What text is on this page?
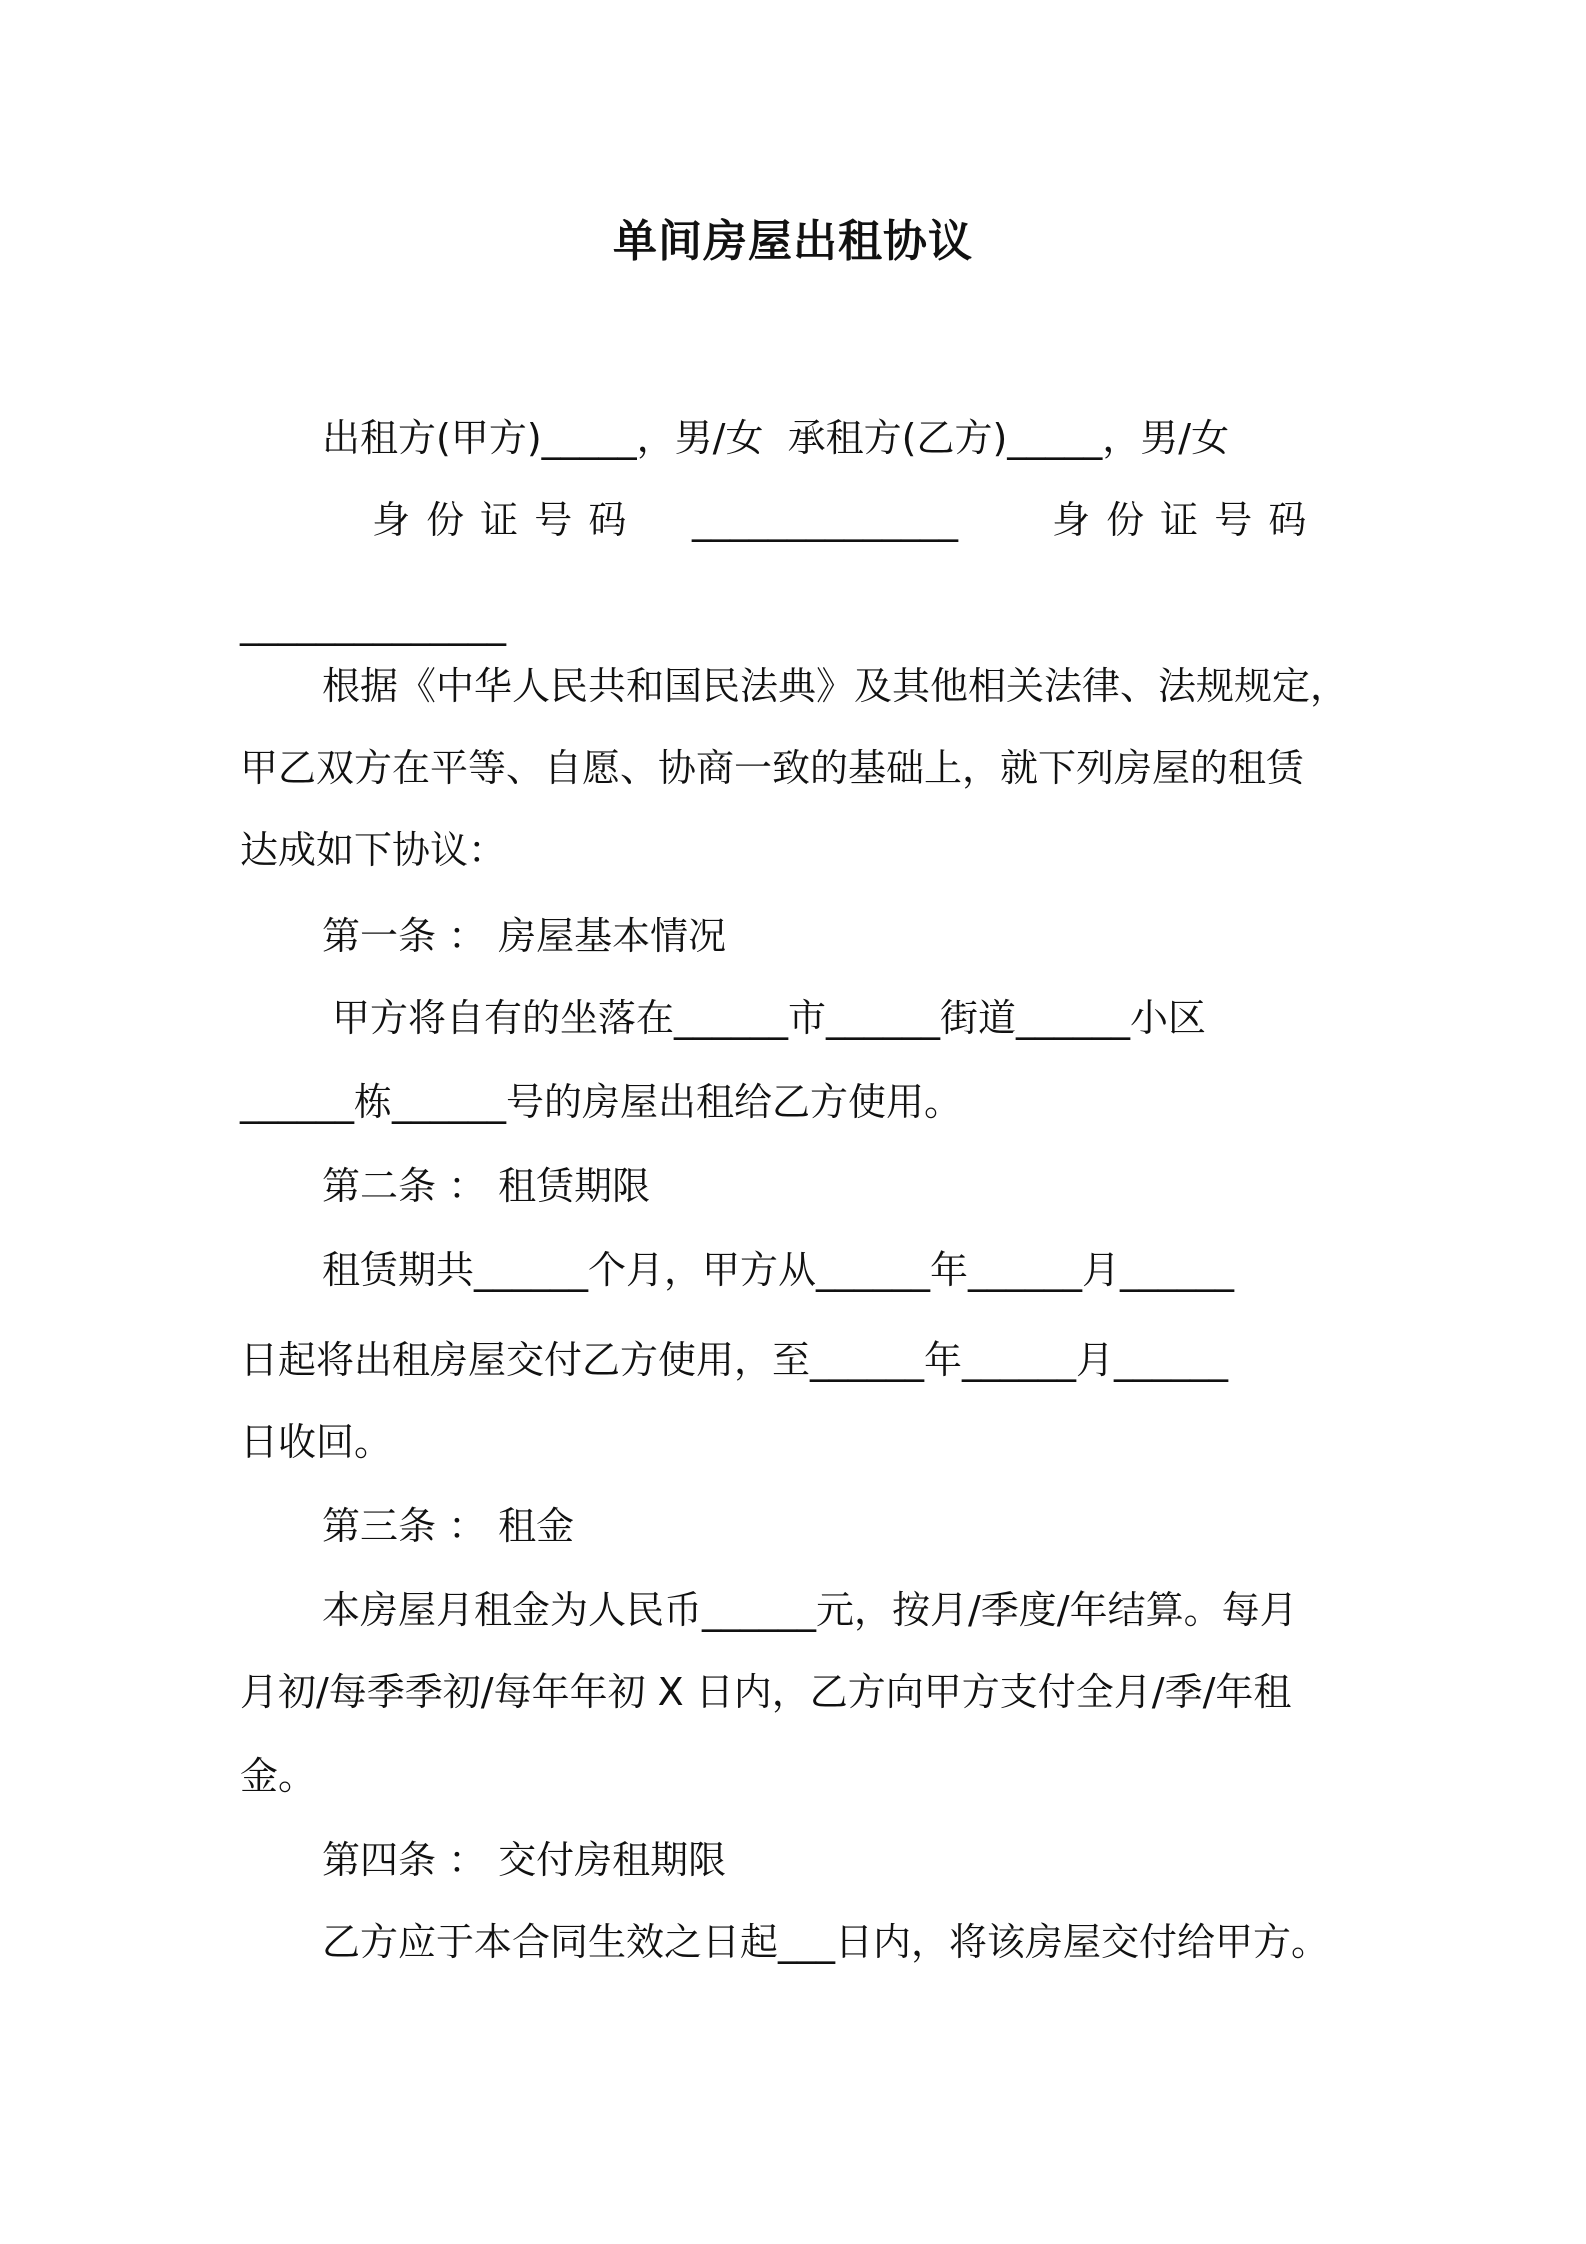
单间房屋出租协议

出租方(甲方)_____，男/女  承租方(乙方)_____，男/女

身 份 证 号 码 ______________ 身 份 证 号 码

______________

根据《中华人民共和国民法典》及其他相关法律、法规规定，

甲乙双方在平等、自愿、协商一致的基础上，就下列房屋的租赁

达成如下协议：

第一条 ： 房屋基本情况

甲方将自有的坐落在______市______街道______小区

______栋______号的房屋出租给乙方使用。

第二条 ： 租赁期限

租赁期共______个月，甲方从______年______月______

日起将出租房屋交付乙方使用，至______年______月______

日收回。

第三条 ： 租金

本房屋月租金为人民币______元，按月/季度/年结算。每月

月初/每季季初/每年年初 X 日内，乙方向甲方支付全月/季/年租

金。

第四条 ： 交付房租期限

乙方应于本合同生效之日起___日内，将该房屋交付给甲方。
